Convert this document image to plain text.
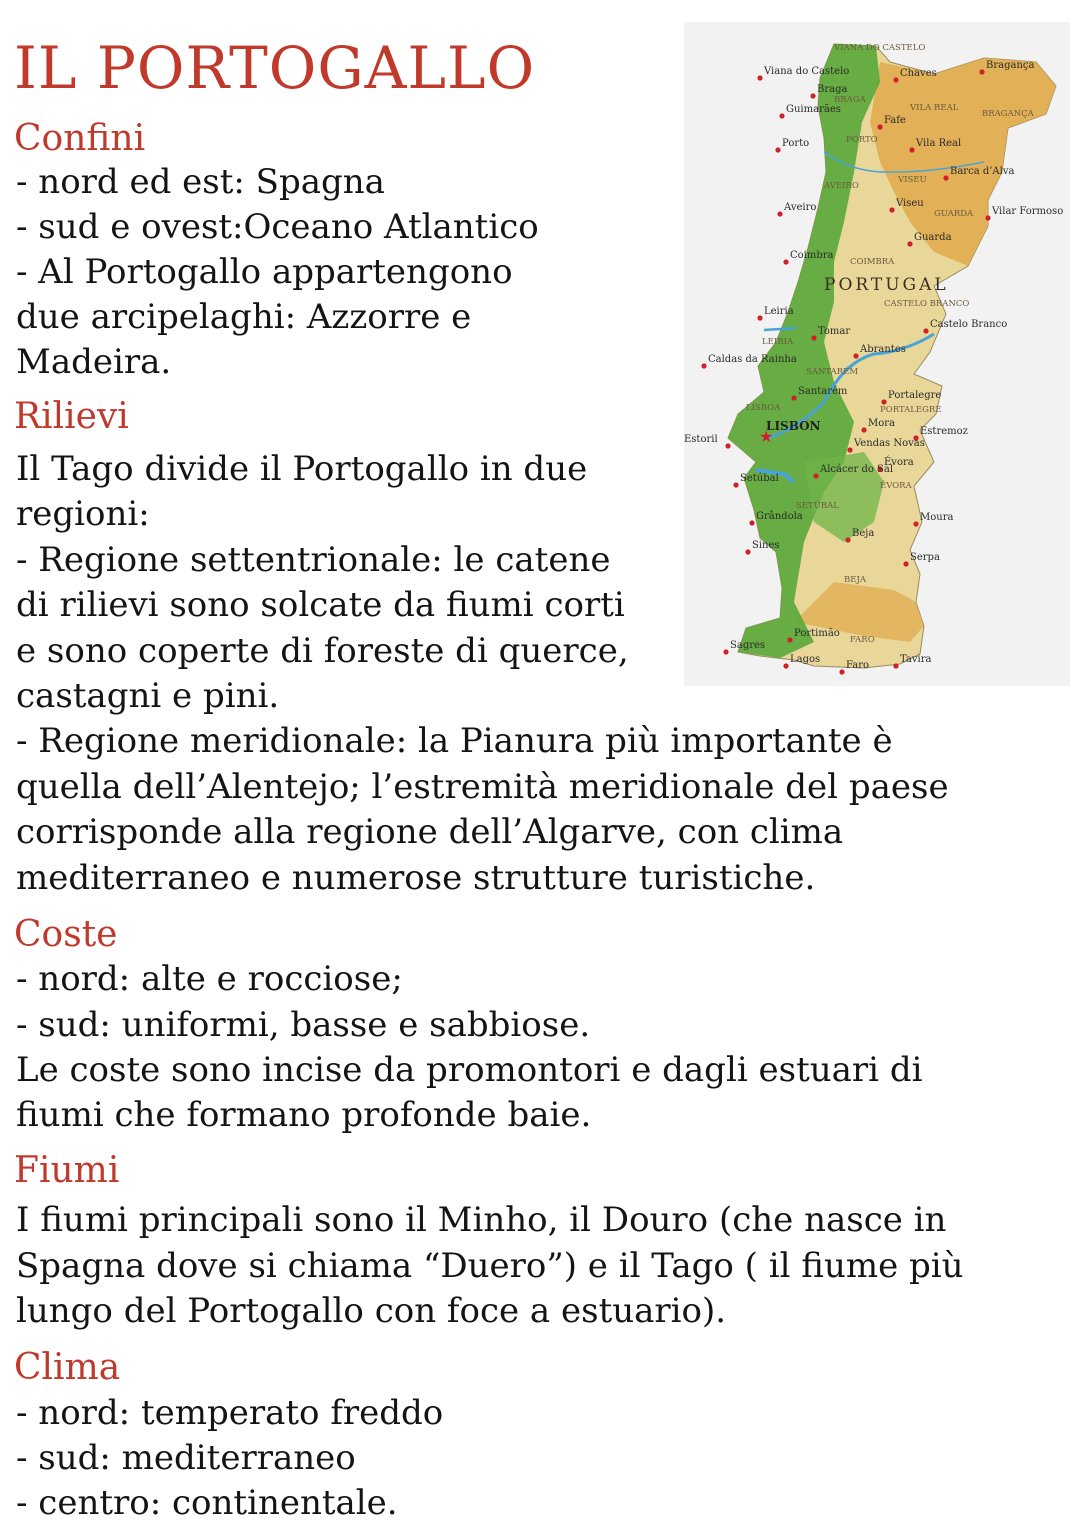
IL PORTOGALLO
Confini

- nord ed est: Spagna

- sud e ovest:Oceano Atlantico

- Al Portogallo appartengono

due arcipelaghi: Azzorre e

Madeira.

Rilievi

Il Tago divide il Portogallo in due

regioni:

- Regione settentrionale: le catene

di rilievi sono solcate da fiumi corti

e sono coperte di foreste di querce,

castagni e pini.

- Regione meridionale: la Pianura più importante è

quella dell’Alentejo; l’estremità meridionale del paese

corrisponde alla regione dell’Algarve, con clima

mediterraneo e numerose strutture turistiche.

Coste

- nord: alte e rocciose;

- sud: uniformi, basse e sabbiose.

Le coste sono incise da promontori e dagli estuari di

fiumi che formano profonde baie.

Fiumi

I fiumi principali sono il Minho, il Douro (che nasce in

Spagna dove si chiama “Duero”) e il Tago ( il fiume più

lungo del Portogallo con foce a estuario).

Clima

- nord: temperato freddo

- sud: mediterraneo

- centro: continentale.

PORTUGAL
★
LISBON
Viana do Castelo
Braga
Guimarães
Chaves
Bragança
Fafe
Porto	Vila Real
Barca d’Alva
Aveiro	Viseu
Vilar Formoso
Guarda
Coimbra
Leiria
Tomar
Castelo Branco
Abrantes
Caldas da Rainha
Santarém	Portalegre
Estoril
Mora
Estremoz
Vendas Novas
Évora
Setúbal
Alcácer do Sal
Grândola	Moura
Beja
Sines
Serpa
Portimão
Sagres
Lagos
Faro
Tavira
VIANA DO CASTELO
BRAGA
VILA REAL
BRAGANÇA
PORTO
AVEIRO
VISEU
GUARDA
COIMBRA
CASTELO BRANCO
LEIRIA
SANTARÉM
PORTALEGRE
LISBOA
SETÚBAL
ÉVORA
BEJA
FARO
